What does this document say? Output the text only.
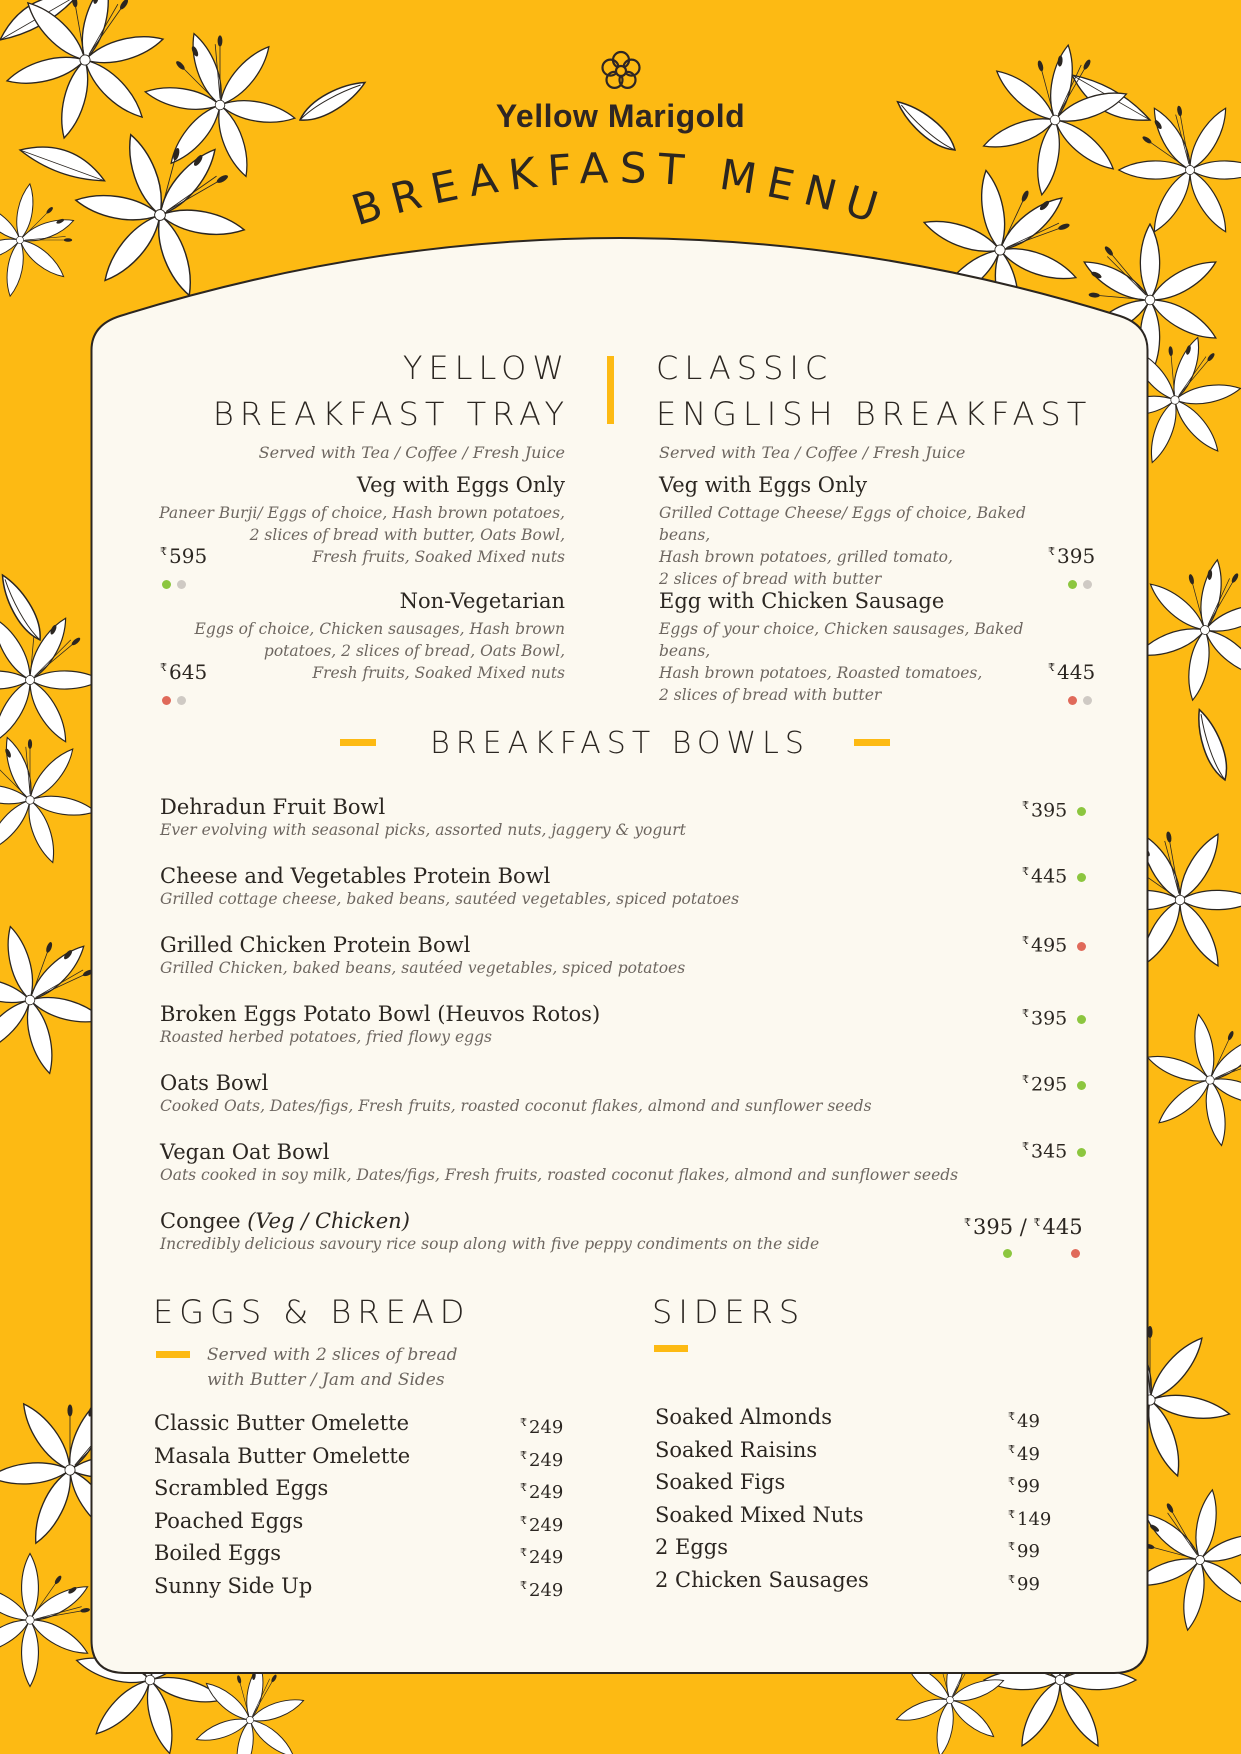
Yellow Marigold
BREAKFAST MENU
YELLOW
BREAKFAST TRAY
Served with Tea / Coffee / Fresh Juice
Veg with Eggs Only
Paneer Burji/ Eggs of choice, Hash brown potatoes,
2 slices of bread with butter, Oats Bowl,
Fresh fruits, Soaked Mixed nuts
₹ 595
Non-Vegetarian
Eggs of choice, Chicken sausages, Hash brown
potatoes, 2 slices of bread, Oats Bowl,
Fresh fruits, Soaked Mixed nuts
₹ 645
CLASSIC
ENGLISH BREAKFAST
Served with Tea / Coffee / Fresh Juice
Veg with Eggs Only
Grilled Cottage Cheese/ Eggs of choice, Baked beans,
Hash brown potatoes, grilled tomato,
2 slices of bread with butter
₹ 395
Egg with Chicken Sausage
Eggs of your choice, Chicken sausages, Baked beans,
Hash brown potatoes, Roasted tomatoes,
2 slices of bread with butter
₹ 445
BREAKFAST BOWLS
Dehradun Fruit Bowl
Ever evolving with seasonal picks, assorted nuts, jaggery & yogurt
₹ 395
Cheese and Vegetables Protein Bowl
Grilled cottage cheese, baked beans, sautéed vegetables, spiced potatoes
₹ 445
Grilled Chicken Protein Bowl
Grilled Chicken, baked beans, sautéed vegetables, spiced potatoes
₹ 495
Broken Eggs Potato Bowl (Heuvos Rotos)
Roasted herbed potatoes, fried flowy eggs
₹ 395
Oats Bowl
Cooked Oats, Dates/figs, Fresh fruits, roasted coconut flakes, almond and sunflower seeds
₹ 295
Vegan Oat Bowl
Oats cooked in soy milk, Dates/figs, Fresh fruits, roasted coconut flakes, almond and sunflower seeds
₹ 345
Congee (Veg / Chicken)
Incredibly delicious savoury rice soup along with five peppy condiments on the side
₹395 / ₹445
EGGS & BREAD
Served with 2 slices of bread
with Butter / Jam and Sides
Classic Butter Omelette
Masala Butter Omelette
Scrambled Eggs
Poached Eggs
Boiled Eggs
Sunny Side Up
₹ 249
₹ 249
₹ 249
₹ 249
₹ 249
₹ 249
SIDERS
Soaked Almonds
Soaked Raisins
Soaked Figs
Soaked Mixed Nuts
2 Eggs
2 Chicken Sausages
₹ 49
₹ 49
₹ 99
₹ 149
₹ 99
₹ 99
